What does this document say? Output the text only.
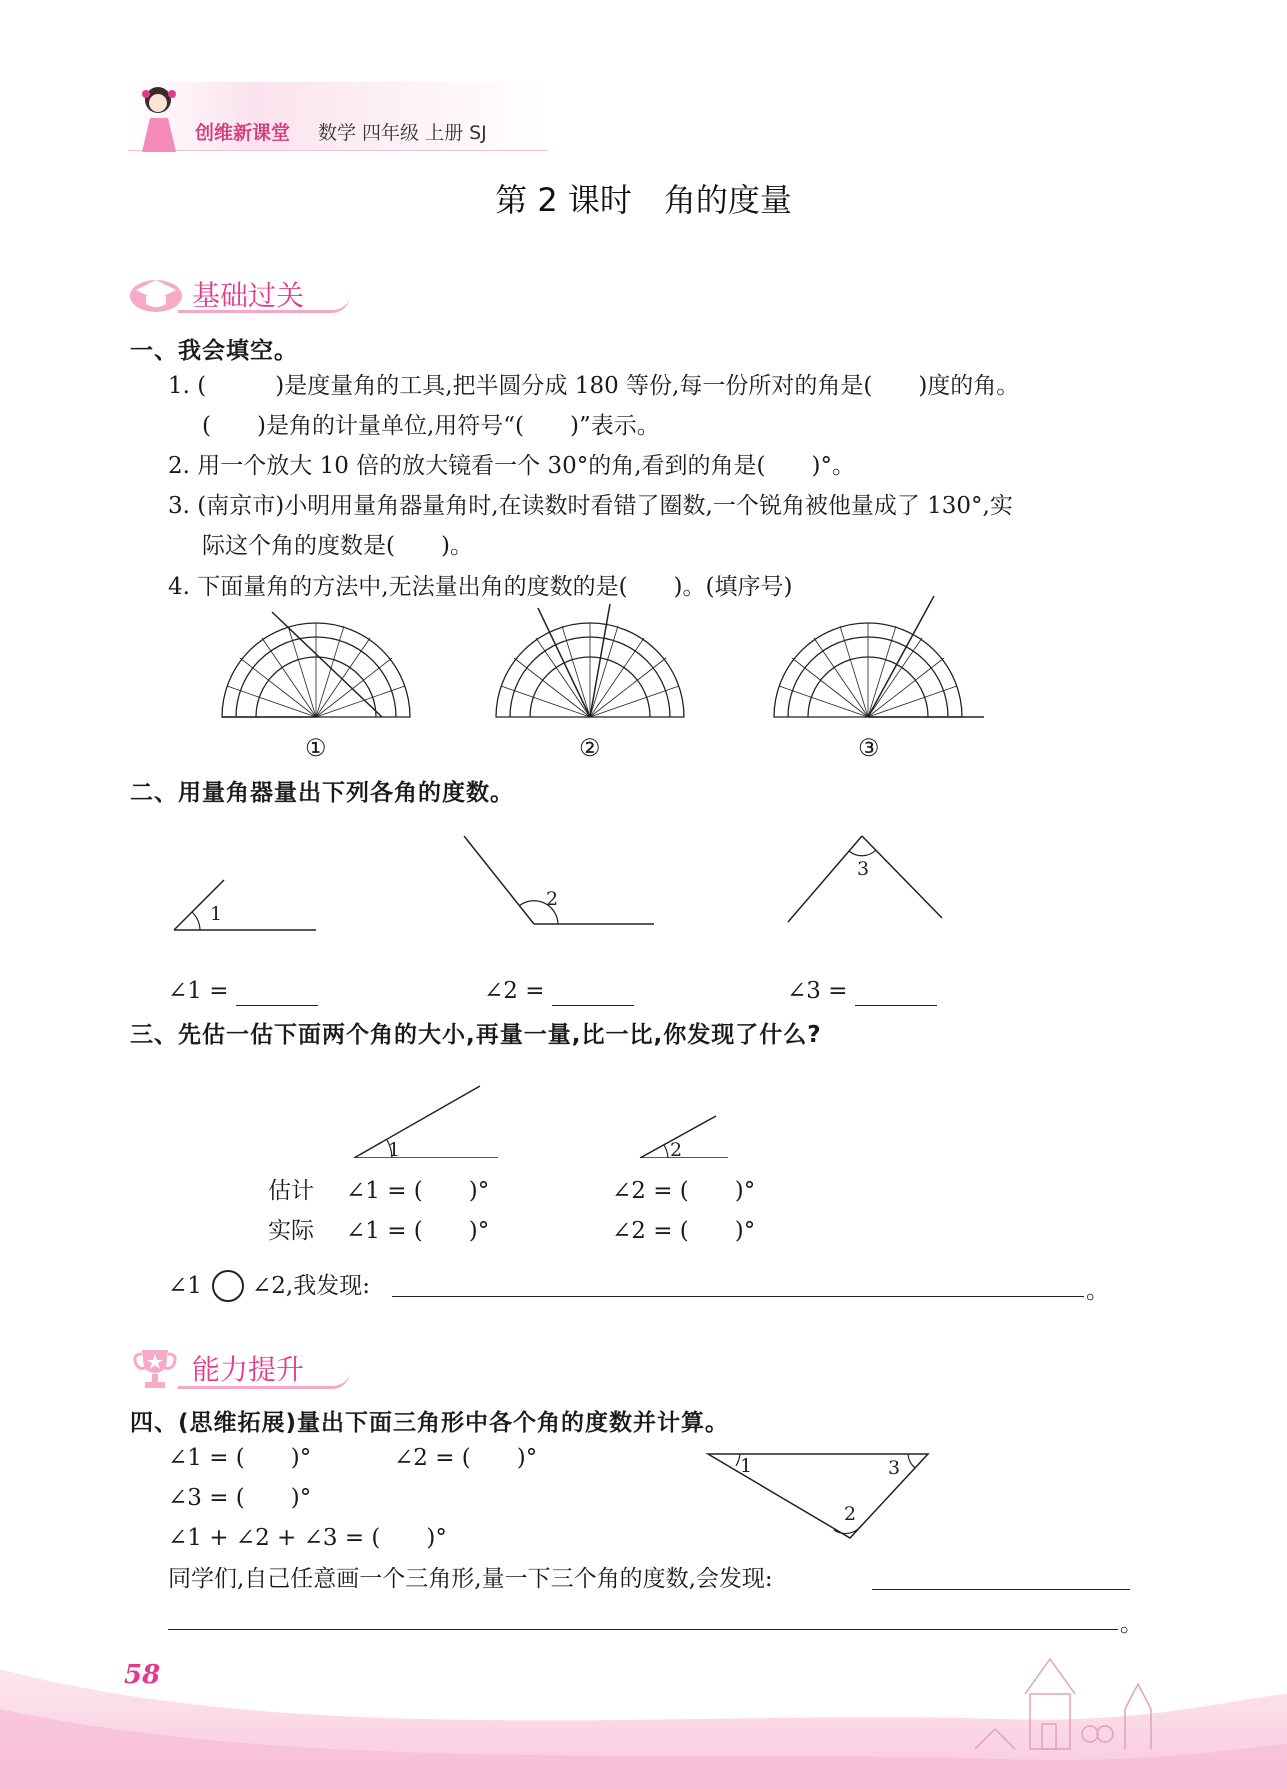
创维新课堂 数学 四年级 上册 SJ
第 2 课时　角的度量
基础过关
一、我会填空。
1. (　　　)是度量角的工具,把半圆分成 180 等份,每一份所对的角是(　　)度的角。
(　　)是角的计量单位,用符号“(　　)”表示。
2. 用一个放大 10 倍的放大镜看一个 30°的角,看到的角是(　　)°。
3. (南京市)小明用量角器量角时,在读数时看错了圈数,一个锐角被他量成了 130°,实
际这个角的度数是(　　)。
4. 下面量角的方法中,无法量出角的度数的是(　　)。(填序号)
①	②	③
二、用量角器量出下列各角的度数。
1
2
3
∠1 =	∠2 =	∠3 =
三、先估一估下面两个角的大小,再量一量,比一比,你发现了什么?
1	2
估计 ∠1 = (　　)°	∠2 = (　　)°
实际 ∠1 = (　　)°	∠2 = (　　)°
∠1 ∠2,我发现:	。
能力提升
四、(思维拓展)量出下面三角形中各个角的度数并计算。
∠1 = (　　)°	∠2 = (　　)°
∠3 = (　　)°
∠1 + ∠2 + ∠3 = (　　)°
1
2
3
同学们,自己任意画一个三角形,量一下三个角的度数,会发现:
。
58
